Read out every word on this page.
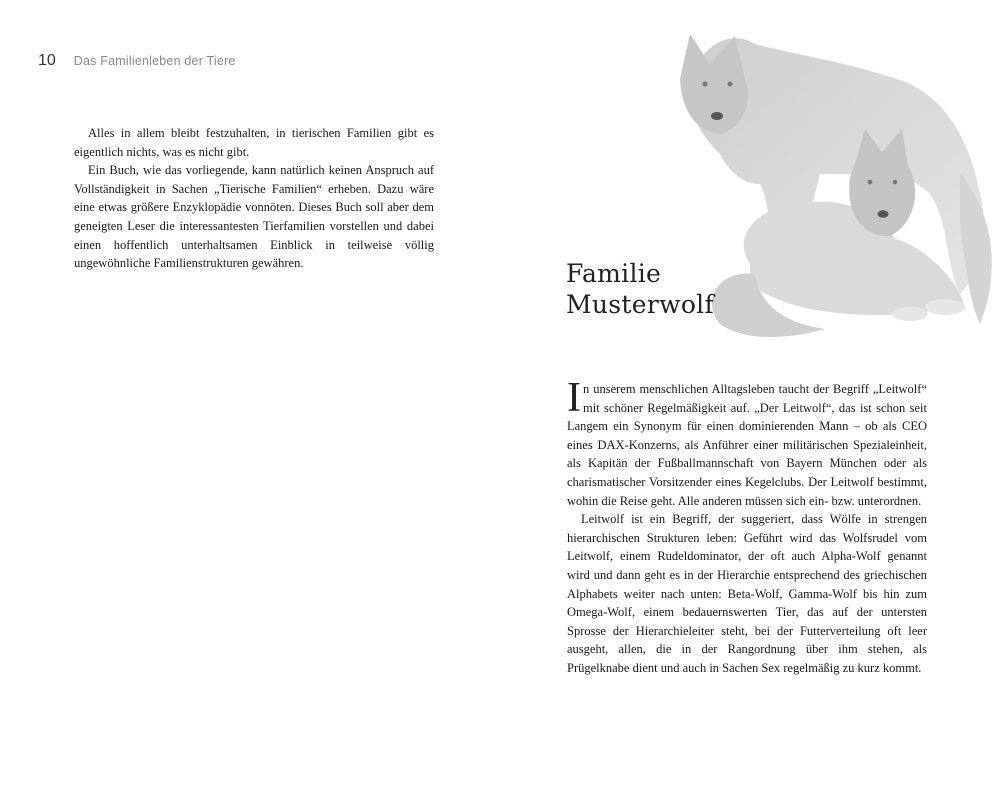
10 Das Familienleben der Tiere

Alles in allem bleibt festzuhalten, in tierischen Familien gibt es eigentlich nichts, was es nicht gibt.

Ein Buch, wie das vorliegende, kann natürlich keinen Anspruch auf Vollständigkeit in Sachen „Tierische Familien“ erheben. Dazu wäre eine etwas größere Enzyklopädie vonnöten. Dieses Buch soll aber dem geneigten Leser die interessantesten Tierfamilien vorstellen und dabei einen hoffentlich unterhaltsamen Einblick in teilweise völlig ungewöhnliche Familienstrukturen gewähren.	Familie
Musterwolf

In unserem menschlichen Alltagsleben taucht der Begriff „Leitwolf“ mit schöner Regelmäßigkeit auf. „Der Leitwolf“, das ist schon seit Langem ein Synonym für einen dominierenden Mann – ob als CEO eines DAX-Konzerns, als Anführer einer militärischen Spezialeinheit, als Kapitän der Fußballmannschaft von Bayern München oder als charismatischer Vorsitzender eines Kegelclubs. Der Leitwolf bestimmt, wohin die Reise geht. Alle anderen müssen sich ein- bzw. unterordnen.

Leitwolf ist ein Begriff, der suggeriert, dass Wölfe in strengen hierarchischen Strukturen leben: Geführt wird das Wolfsrudel vom Leitwolf, einem Rudeldominator, der oft auch Alpha-Wolf genannt wird und dann geht es in der Hierarchie entsprechend des griechischen Alphabets weiter nach unten: Beta-Wolf, Gamma-Wolf bis hin zum Omega-Wolf, einem bedauernswerten Tier, das auf der untersten Sprosse der Hierarchieleiter steht, bei der Futterverteilung oft leer ausgeht, allen, die in der Rangordnung über ihm stehen, als Prügelknabe dient und auch in Sachen Sex regelmäßig zu kurz kommt.
